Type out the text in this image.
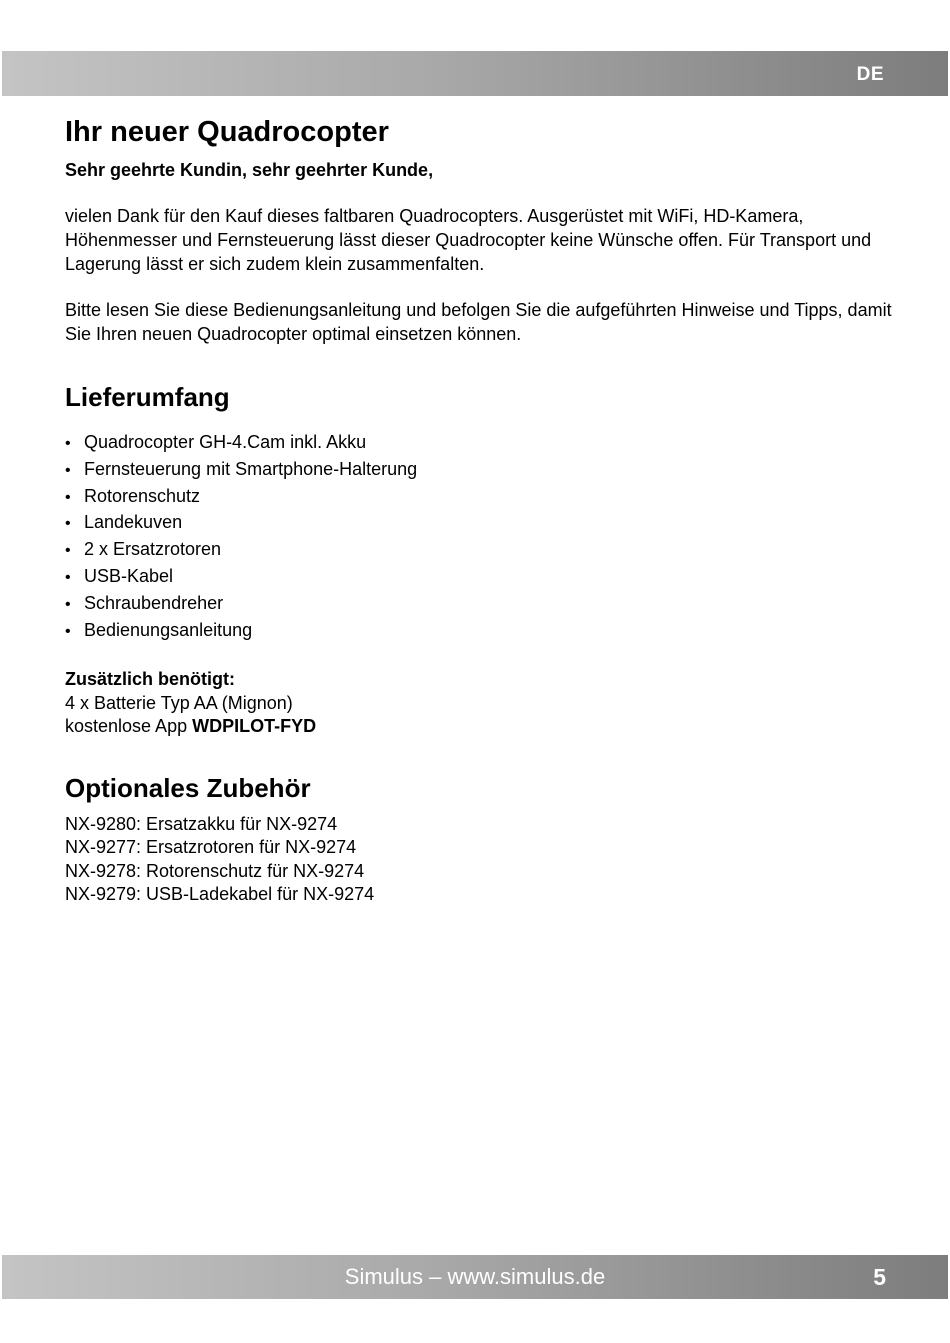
DE
Ihr neuer Quadrocopter

Sehr geehrte Kundin, sehr geehrter Kunde,

vielen Dank für den Kauf dieses faltbaren Quadrocopters. Ausgerüstet mit WiFi, HD-Kamera, Höhenmesser und Fernsteuerung lässt dieser Quadrocopter keine Wünsche offen. Für Transport und Lagerung lässt er sich zudem klein zusammenfalten.

Bitte lesen Sie diese Bedienungsanleitung und befolgen Sie die aufgeführten Hinweise und Tipps, damit Sie Ihren neuen Quadrocopter optimal einsetzen können.

Lieferumfang
• Quadrocopter GH-4.Cam inkl. Akku
• Fernsteuerung mit Smartphone-Halterung
• Rotorenschutz
• Landekuven
• 2 x Ersatzrotoren
• USB-Kabel
• Schraubendreher
• Bedienungsanleitung
Zusätzlich benötigt:
4 x Batterie Typ AA (Mignon)
kostenlose App WDPILOT-FYD
Optionales Zubehör
NX-9280: Ersatzakku für NX-9274
NX-9277: Ersatzrotoren für NX-9274
NX-9278: Rotorenschutz für NX-9274
NX-9279: USB-Ladekabel für NX-9274
Simulus – www.simulus.de	5
